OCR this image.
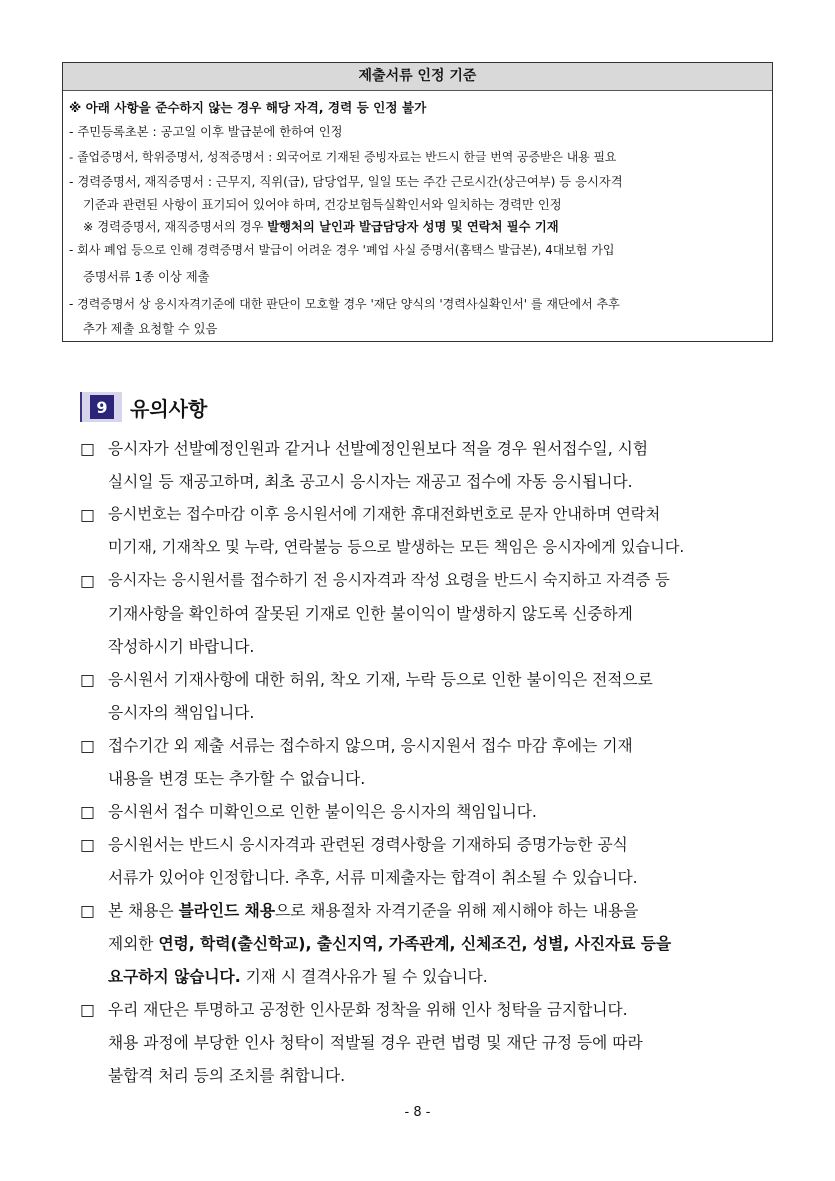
제출서류 인정 기준
※ 아래 사항을 준수하지 않는 경우 해당 자격, 경력 등 인정 불가
- 주민등록초본 : 공고일 이후 발급분에 한하여 인정
- 졸업증명서, 학위증명서, 성적증명서 : 외국어로 기재된 증빙자료는 반드시 한글 번역 공증받은 내용 필요
- 경력증명서, 재직증명서 : 근무지, 직위(급), 담당업무, 일일 또는 주간 근로시간(상근여부) 등 응시자격
기준과 관련된 사항이 표기되어 있어야 하며, 건강보험득실확인서와 일치하는 경력만 인정
※ 경력증명서, 재직증명서의 경우 발행처의 날인과 발급담당자 성명 및 연락처 필수 기재
- 회사 폐업 등으로 인해 경력증명서 발급이 어려운 경우 '폐업 사실 증명서(홈택스 발급본), 4대보험 가입
증명서류 1종 이상 제출
- 경력증명서 상 응시자격기준에 대한 판단이 모호할 경우 '재단 양식의 '경력사실확인서' 를 재단에서 추후
추가 제출 요청할 수 있음
9	유의사항
□ 응시자가 선발예정인원과 같거나 선발예정인원보다 적을 경우 원서접수일, 시험
실시일 등 재공고하며, 최초 공고시 응시자는 재공고 접수에 자동 응시됩니다.
□ 응시번호는 접수마감 이후 응시원서에 기재한 휴대전화번호로 문자 안내하며 연락처
미기재, 기재착오 및 누락, 연락불능 등으로 발생하는 모든 책임은 응시자에게 있습니다.
□ 응시자는 응시원서를 접수하기 전 응시자격과 작성 요령을 반드시 숙지하고 자격증 등
기재사항을 확인하여 잘못된 기재로 인한 불이익이 발생하지 않도록 신중하게
작성하시기 바랍니다.
□ 응시원서 기재사항에 대한 허위, 착오 기재, 누락 등으로 인한 불이익은 전적으로
응시자의 책임입니다.
□ 접수기간 외 제출 서류는 접수하지 않으며, 응시지원서 접수 마감 후에는 기재
내용을 변경 또는 추가할 수 없습니다.
□ 응시원서 접수 미확인으로 인한 불이익은 응시자의 책임입니다.
□ 응시원서는 반드시 응시자격과 관련된 경력사항을 기재하되 증명가능한 공식
서류가 있어야 인정합니다. 추후, 서류 미제출자는 합격이 취소될 수 있습니다.
□ 본 채용은 블라인드 채용으로 채용절차 자격기준을 위해 제시해야 하는 내용을
제외한 연령, 학력(출신학교), 출신지역, 가족관계, 신체조건, 성별, 사진자료 등을
요구하지 않습니다. 기재 시 결격사유가 될 수 있습니다.
□ 우리 재단은 투명하고 공정한 인사문화 정착을 위해 인사 청탁을 금지합니다.
채용 과정에 부당한 인사 청탁이 적발될 경우 관련 법령 및 재단 규정 등에 따라
불합격 처리 등의 조치를 취합니다.
- 8 -
